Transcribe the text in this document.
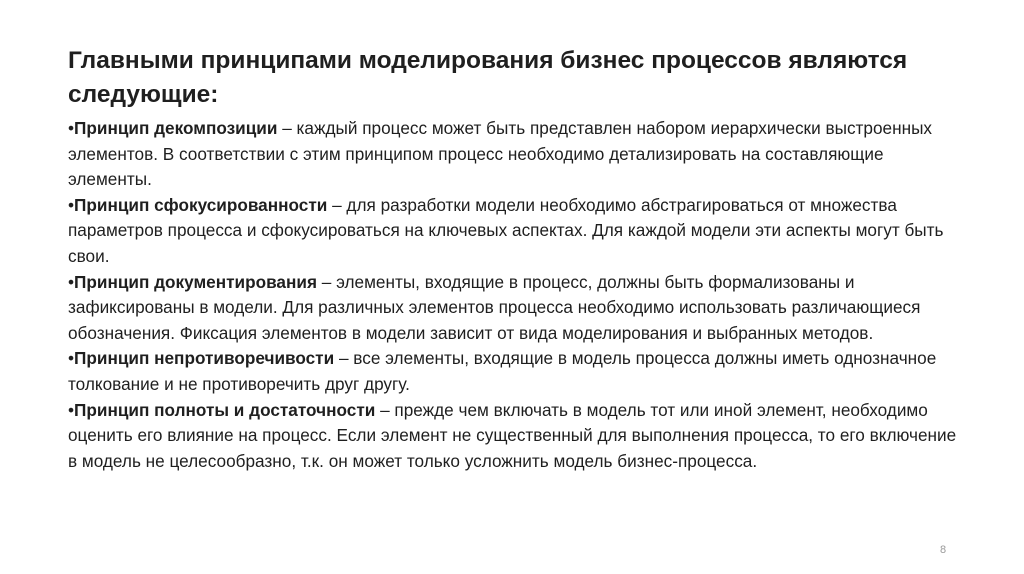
Главными принципами моделирования бизнес процессов являются следующие:

•Принцип декомпозиции – каждый процесс может быть представлен набором иерархически выстроенных элементов. В соответствии с этим принципом процесс необходимо детализировать на составляющие элементы.

•Принцип сфокусированности – для разработки модели необходимо абстрагироваться от множества параметров процесса и сфокусироваться на ключевых аспектах. Для каждой модели эти аспекты могут быть свои.

•Принцип документирования – элементы, входящие в процесс, должны быть формализованы и зафиксированы в модели. Для различных элементов процесса необходимо использовать различающиеся обозначения. Фиксация элементов в модели зависит от вида моделирования и выбранных методов.

•Принцип непротиворечивости – все элементы, входящие в модель процесса должны иметь однозначное толкование и не противоречить друг другу.

•Принцип полноты и достаточности – прежде чем включать в модель тот или иной элемент, необходимо оценить его влияние на процесс. Если элемент не существенный для выполнения процесса, то его включение в модель не целесообразно, т.к. он может только усложнить модель бизнес-процесса.

8
